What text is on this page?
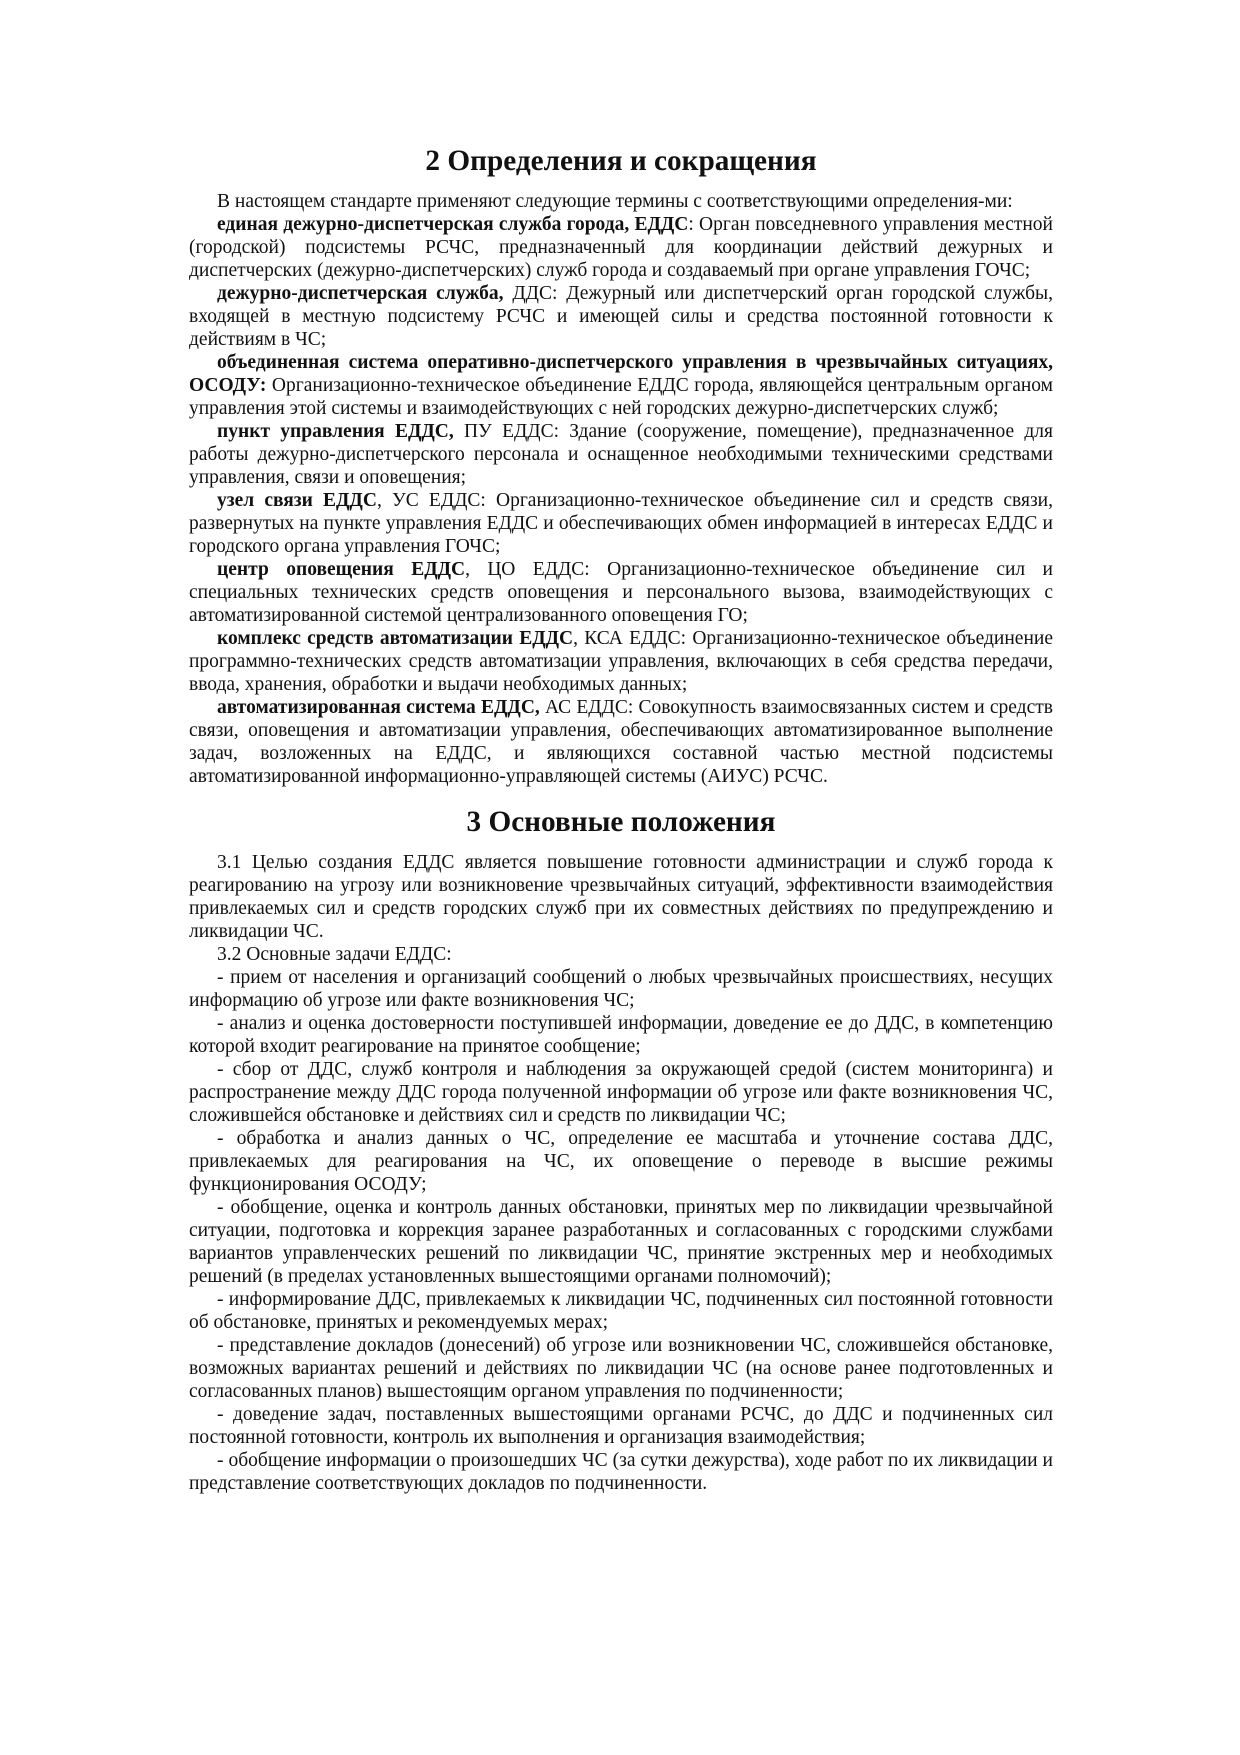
2 Определения и сокращения

В настоящем стандарте применяют следующие термины с соответствующими определения-ми:

единая дежурно-диспетчерская служба города, ЕДДС: Орган повседневного управления местной (городской) подсистемы РСЧС, предназначенный для координации действий дежурных и диспетчерских (дежурно-диспетчерских) служб города и создаваемый при органе управления ГОЧС;

дежурно-диспетчерская служба, ДДС: Дежурный или диспетчерский орган городской службы, входящей в местную подсистему РСЧС и имеющей силы и средства постоянной готовности к действиям в ЧС;

объединенная система оперативно-диспетчерского управления в чрезвычайных ситуациях, ОСОДУ: Организационно-техническое объединение ЕДДС города, являющейся центральным органом управления этой системы и взаимодействующих с ней городских дежурно-диспетчерских служб;

пункт управления ЕДДС, ПУ ЕДДС: Здание (сооружение, помещение), предназначенное для работы дежурно-диспетчерского персонала и оснащенное необходимыми техническими средствами управления, связи и оповещения;

узел связи ЕДДС, УС ЕДДС: Организационно-техническое объединение сил и средств связи, развернутых на пункте управления ЕДДС и обеспечивающих обмен информацией в интересах ЕДДС и городского органа управления ГОЧС;

центр оповещения ЕДДС, ЦО ЕДДС: Организационно-техническое объединение сил и специальных технических средств оповещения и персонального вызова, взаимодействующих с автоматизированной системой централизованного оповещения ГО;

комплекс средств автоматизации ЕДДС, КСА ЕДДС: Организационно-техническое объединение программно-технических средств автоматизации управления, включающих в себя средства передачи, ввода, хранения, обработки и выдачи необходимых данных;

автоматизированная система ЕДДС, АС ЕДДС: Совокупность взаимосвязанных систем и средств связи, оповещения и автоматизации управления, обеспечивающих автоматизированное выполнение задач, возложенных на ЕДДС, и являющихся составной частью местной подсистемы автоматизированной информационно-управляющей системы (АИУС) РСЧС.

3 Основные положения

3.1 Целью создания ЕДДС является повышение готовности администрации и служб города к реагированию на угрозу или возникновение чрезвычайных ситуаций, эффективности взаимодействия привлекаемых сил и средств городских служб при их совместных действиях по предупреждению и ликвидации ЧС.

3.2 Основные задачи ЕДДС:

- прием от населения и организаций сообщений о любых чрезвычайных происшествиях, несущих информацию об угрозе или факте возникновения ЧС;

- анализ и оценка достоверности поступившей информации, доведение ее до ДДС, в компетенцию которой входит реагирование на принятое сообщение;

- сбор от ДДС, служб контроля и наблюдения за окружающей средой (систем мониторинга) и распространение между ДДС города полученной информации об угрозе или факте возникновения ЧС, сложившейся обстановке и действиях сил и средств по ликвидации ЧС;

- обработка и анализ данных о ЧС, определение ее масштаба и уточнение состава ДДС, привлекаемых для реагирования на ЧС, их оповещение о переводе в высшие режимы функционирования ОСОДУ;

- обобщение, оценка и контроль данных обстановки, принятых мер по ликвидации чрезвычайной ситуации, подготовка и коррекция заранее разработанных и согласованных с городскими службами вариантов управленческих решений по ликвидации ЧС, принятие экстренных мер и необходимых решений (в пределах установленных вышестоящими органами полномочий);

- информирование ДДС, привлекаемых к ликвидации ЧС, подчиненных сил постоянной готовности об обстановке, принятых и рекомендуемых мерах;

- представление докладов (донесений) об угрозе или возникновении ЧС, сложившейся обстановке, возможных вариантах решений и действиях по ликвидации ЧС (на основе ранее подготовленных и согласованных планов) вышестоящим органом управления по подчиненности;

- доведение задач, поставленных вышестоящими органами РСЧС, до ДДС и подчиненных сил постоянной готовности, контроль их выполнения и организация взаимодействия;

- обобщение информации о произошедших ЧС (за сутки дежурства), ходе работ по их ликвидации и представление соответствующих докладов по подчиненности.
